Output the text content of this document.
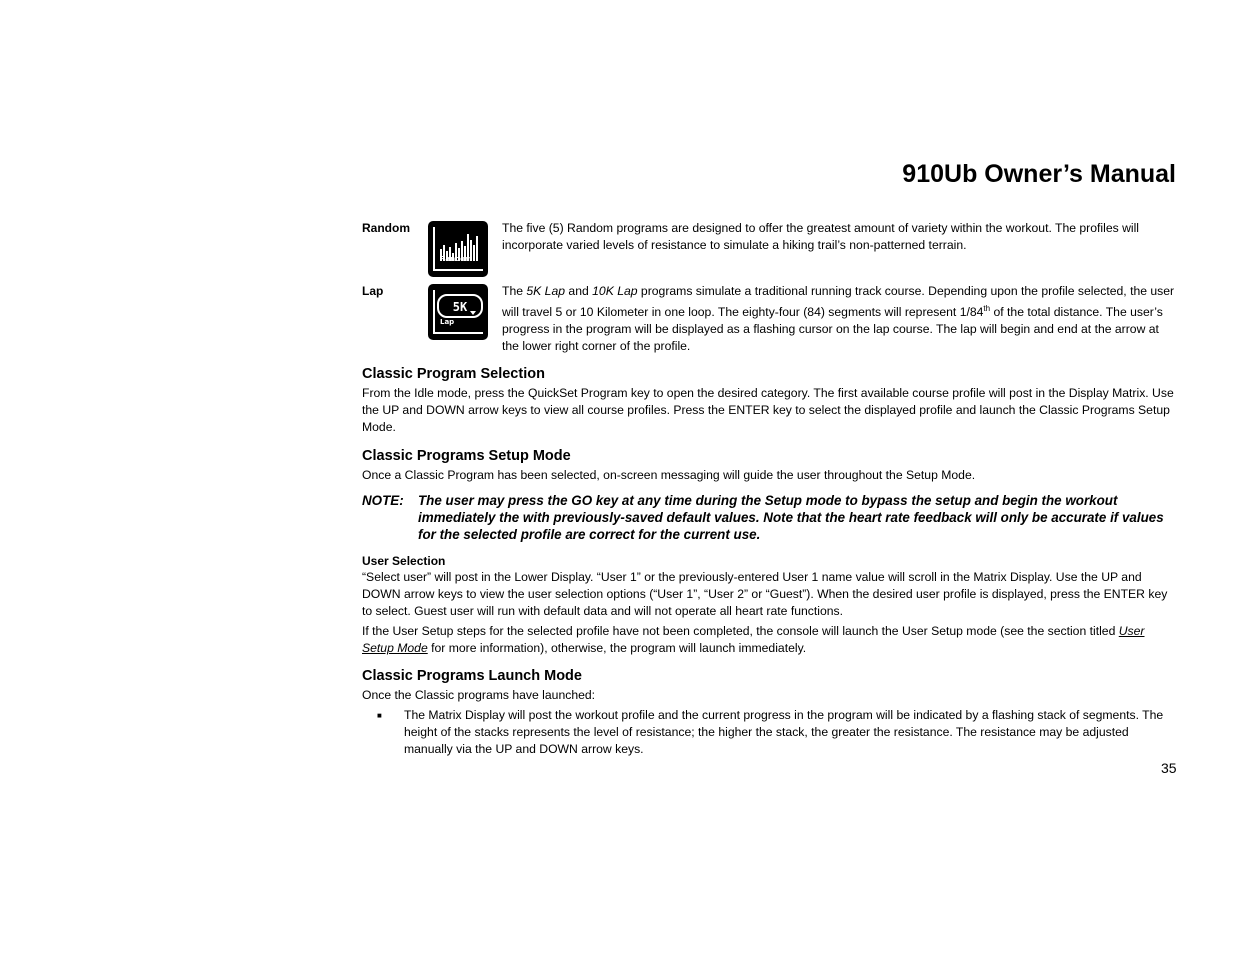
910Ub Owner’s Manual
Random
Random

The five (5) Random programs are designed to offer the greatest amount of variety within the workout. The profiles will incorporate varied levels of resistance to simulate a hiking trail’s non-patterned terrain.

Lap
5K
Lap

The 5K Lap and 10K Lap programs simulate a traditional running track course. Depending upon the profile selected, the user will travel 5 or 10 Kilometer in one loop. The eighty-four (84) segments will represent 1/84th of the total distance. The user’s progress in the program will be displayed as a flashing cursor on the lap course. The lap will begin and end at the arrow at the lower right corner of the profile.

Classic Program Selection

From the Idle mode, press the QuickSet Program key to open the desired category. The first available course profile will post in the Display Matrix. Use the UP and DOWN arrow keys to view all course profiles. Press the ENTER key to select the displayed profile and launch the Classic Programs Setup Mode.

Classic Programs Setup Mode

Once a Classic Program has been selected, on-screen messaging will guide the user throughout the Setup Mode.

NOTE:	The user may press the GO key at any time during the Setup mode to bypass the setup and begin the workout immediately the with previously-saved default values. Note that the heart rate feedback will only be accurate if values for the selected profile are correct for the current use.
User Selection

“Select user” will post in the Lower Display. “User 1” or the previously-entered User 1 name value will scroll in the Matrix Display. Use the UP and DOWN arrow keys to view the user selection options (“User 1”, “User 2” or “Guest”). When the desired user profile is displayed, press the ENTER key to select. Guest user will run with default data and will not operate all heart rate functions.

If the User Setup steps for the selected profile have not been completed, the console will launch the User Setup mode (see the section titled User Setup Mode for more information), otherwise, the program will launch immediately.

Classic Programs Launch Mode

Once the Classic programs have launched:

■	The Matrix Display will post the workout profile and the current progress in the program will be indicated by a flashing stack of segments. The height of the stacks represents the level of resistance; the higher the stack, the greater the resistance. The resistance may be adjusted manually via the UP and DOWN arrow keys.
35
